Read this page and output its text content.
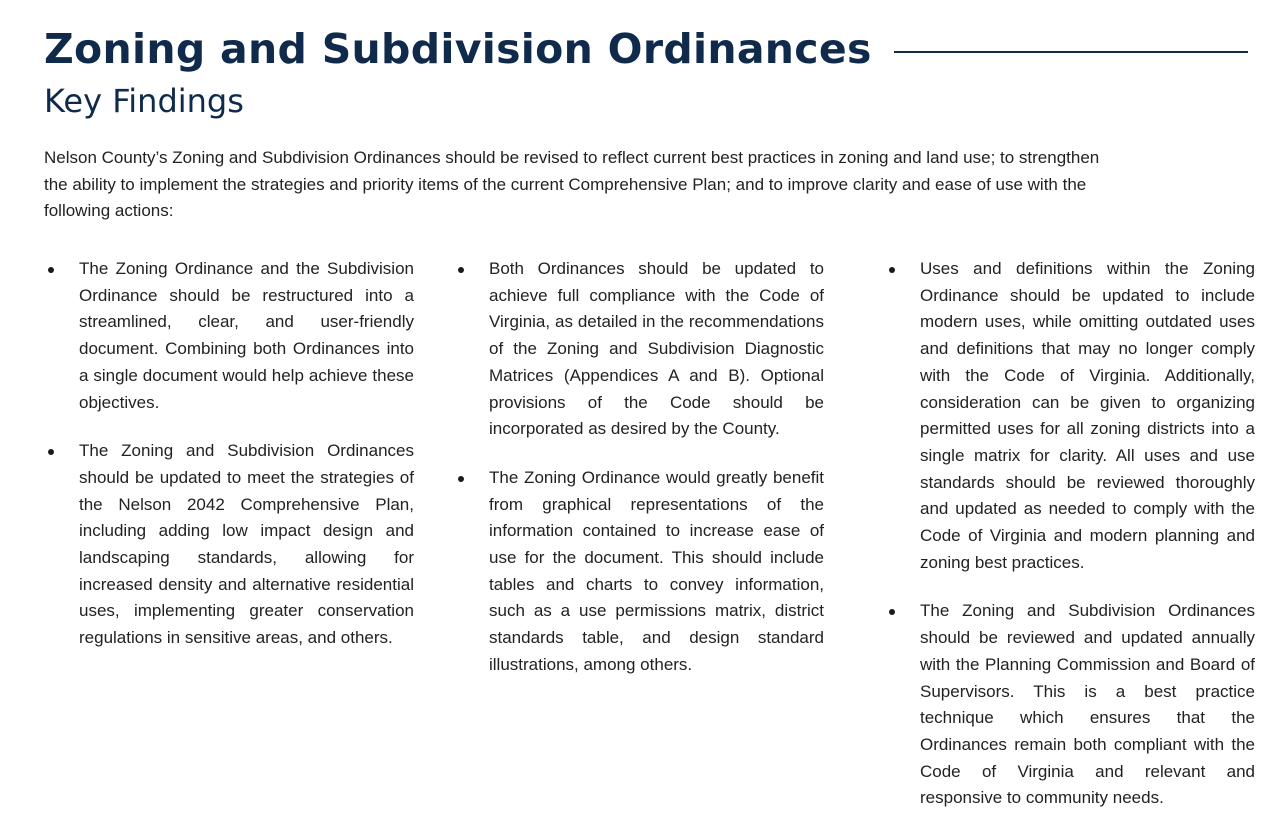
Zoning and Subdivision Ordinances
Key Findings

Nelson County’s Zoning and Subdivision Ordinances should be revised to reflect current best practices in zoning and land use; to strengthen the ability to implement the strategies and priority items of the current Comprehensive Plan; and to improve clarity and ease of use with the following actions:

The Zoning Ordinance and the Subdivision Ordinance should be restructured into a streamlined, clear, and user-friendly document. Combining both Ordinances into a single document would help achieve these objectives.
The Zoning and Subdivision Ordinances should be updated to meet the strategies of the Nelson 2042 Comprehensive Plan, including adding low impact design and landscaping standards, allowing for increased density and alternative residential uses, implementing greater conservation regulations in sensitive areas, and others.
Both Ordinances should be updated to achieve full compliance with the Code of Virginia, as detailed in the recommendations of the Zoning and Subdivision Diagnostic Matrices (Appendices A and B). Optional provisions of the Code should be incorporated as desired by the County.
The Zoning Ordinance would greatly benefit from graphical representations of the information contained to increase ease of use for the document. This should include tables and charts to convey information, such as a use permissions matrix, district standards table, and design standard illustrations, among others.
Uses and definitions within the Zoning Ordinance should be updated to include modern uses, while omitting outdated uses and definitions that may no longer comply with the Code of Virginia. Additionally, consideration can be given to organizing permitted uses for all zoning districts into a single matrix for clarity. All uses and use standards should be reviewed thoroughly and updated as needed to comply with the Code of Virginia and modern planning and zoning best practices.
The Zoning and Subdivision Ordinances should be reviewed and updated annually with the Planning Commission and Board of Supervisors. This is a best practice technique which ensures that the Ordinances remain both compliant with the Code of Virginia and relevant and responsive to community needs.
